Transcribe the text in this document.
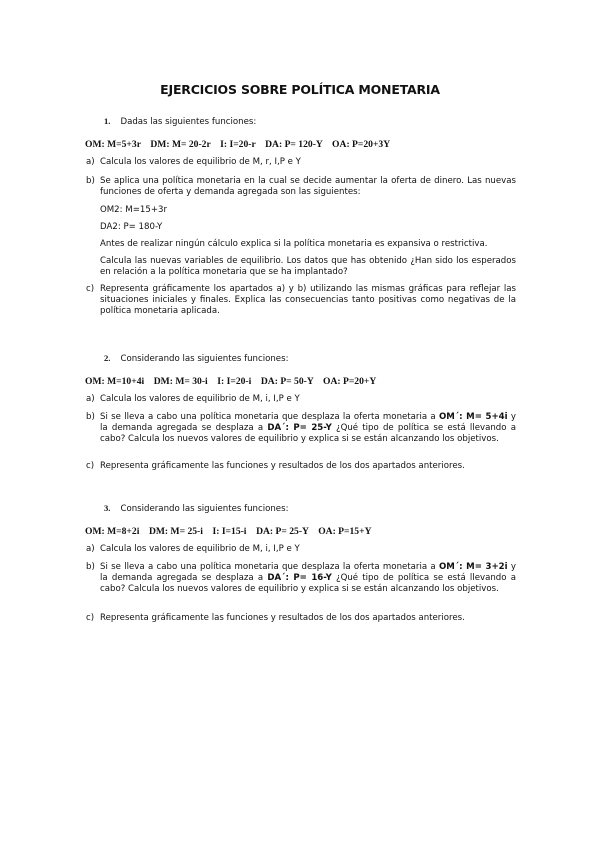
EJERCICIOS SOBRE POLÍTICA MONETARIA
1. Dadas las siguientes funciones:
OM: M=5+3r    DM: M= 20-2r    I: I=20-r    DA: P= 120-Y    OA: P=20+3Y
a) Calcula los valores de equilibrio de M, r, I,P e Y
b) Se aplica una política monetaria en la cual se decide aumentar la oferta de dinero. Las nuevas funciones de oferta y demanda agregada son las siguientes:
OM2: M=15+3r
DA2: P= 180-Y
Antes de realizar ningún cálculo explica si la política monetaria es expansiva o restrictiva.
Calcula las nuevas variables de equilibrio. Los datos que has obtenido ¿Han sido los esperados en relación a la política monetaria que se ha implantado?
c) Representa gráficamente los apartados a) y b) utilizando las mismas gráficas para reflejar las situaciones iniciales y finales. Explica las consecuencias tanto positivas como negativas de la política monetaria aplicada.
2. Considerando las siguientes funciones:
OM: M=10+4i    DM: M= 30-i    I: I=20-i    DA: P= 50-Y    OA: P=20+Y
a) Calcula los valores de equilibrio de M, i, I,P e Y
b) Si se lleva a cabo una política monetaria que desplaza la oferta monetaria a OM´: M= 5+4i y la demanda agregada se desplaza a DA´: P= 25-Y ¿Qué tipo de política se está llevando a cabo? Calcula los nuevos valores de equilibrio y explica si se están alcanzando los objetivos.
c) Representa gráficamente las funciones y resultados de los dos apartados anteriores.
3. Considerando las siguientes funciones:
OM: M=8+2i    DM: M= 25-i    I: I=15-i    DA: P= 25-Y    OA: P=15+Y
a) Calcula los valores de equilibrio de M, i, I,P e Y
b) Si se lleva a cabo una política monetaria que desplaza la oferta monetaria a OM´: M= 3+2i y la demanda agregada se desplaza a DA´: P= 16-Y ¿Qué tipo de política se está llevando a cabo? Calcula los nuevos valores de equilibrio y explica si se están alcanzando los objetivos.
c) Representa gráficamente las funciones y resultados de los dos apartados anteriores.
